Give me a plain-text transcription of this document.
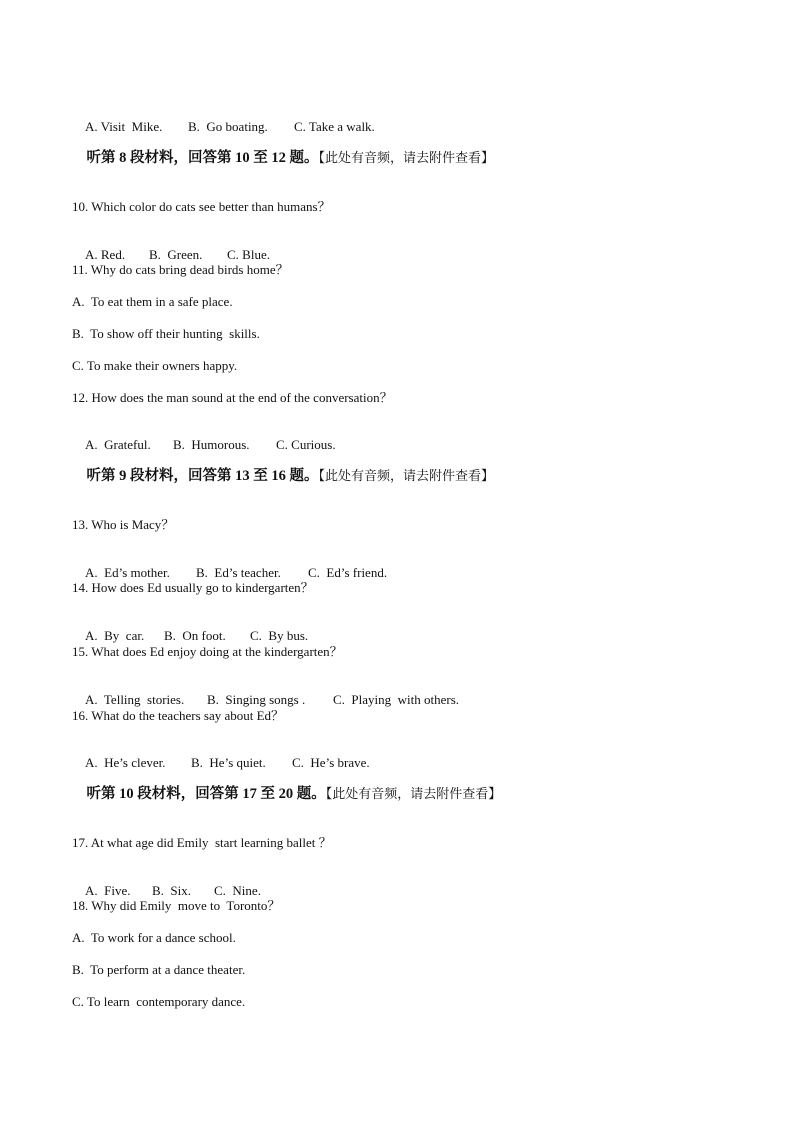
A. Visit  Mike. B.  Go boating. C. Take a walk.

听第 8 段材料，回答第 10 至 12 题。【此处有音频，请去附件查看】

10. Which color do cats see better than humans？

A. Red. B.  Green. C. Blue.

11. Why do cats bring dead birds home？
A.  To eat them in a safe place.
B.  To show off their hunting  skills.
C. To make their owners happy.
12. How does the man sound at the end of the conversation？

A.  Grateful. B.  Humorous. C. Curious.

听第 9 段材料，回答第 13 至 16 题。【此处有音频，请去附件查看】

13. Who is Macy？

A.  Ed’s mother. B.  Ed’s teacher. C.  Ed’s friend.

14. How does Ed usually go to kindergarten？

A.  By  car. B.  On foot. C.  By bus.

15. What does Ed enjoy doing at the kindergarten？

A.  Telling  stories. B.  Singing songs . C.  Playing  with others.

16. What do the teachers say about Ed？

A.  He’s clever. B.  He’s quiet. C.  He’s brave.

听第 10 段材料，回答第 17 至 20 题。【此处有音频，请去附件查看】

17. At what age did Emily  start learning ballet ？

A.  Five. B.  Six. C.  Nine.

18. Why did Emily  move to  Toronto？
A.  To work for a dance school.
B.  To perform at a dance theater.
C. To learn  contemporary dance.
